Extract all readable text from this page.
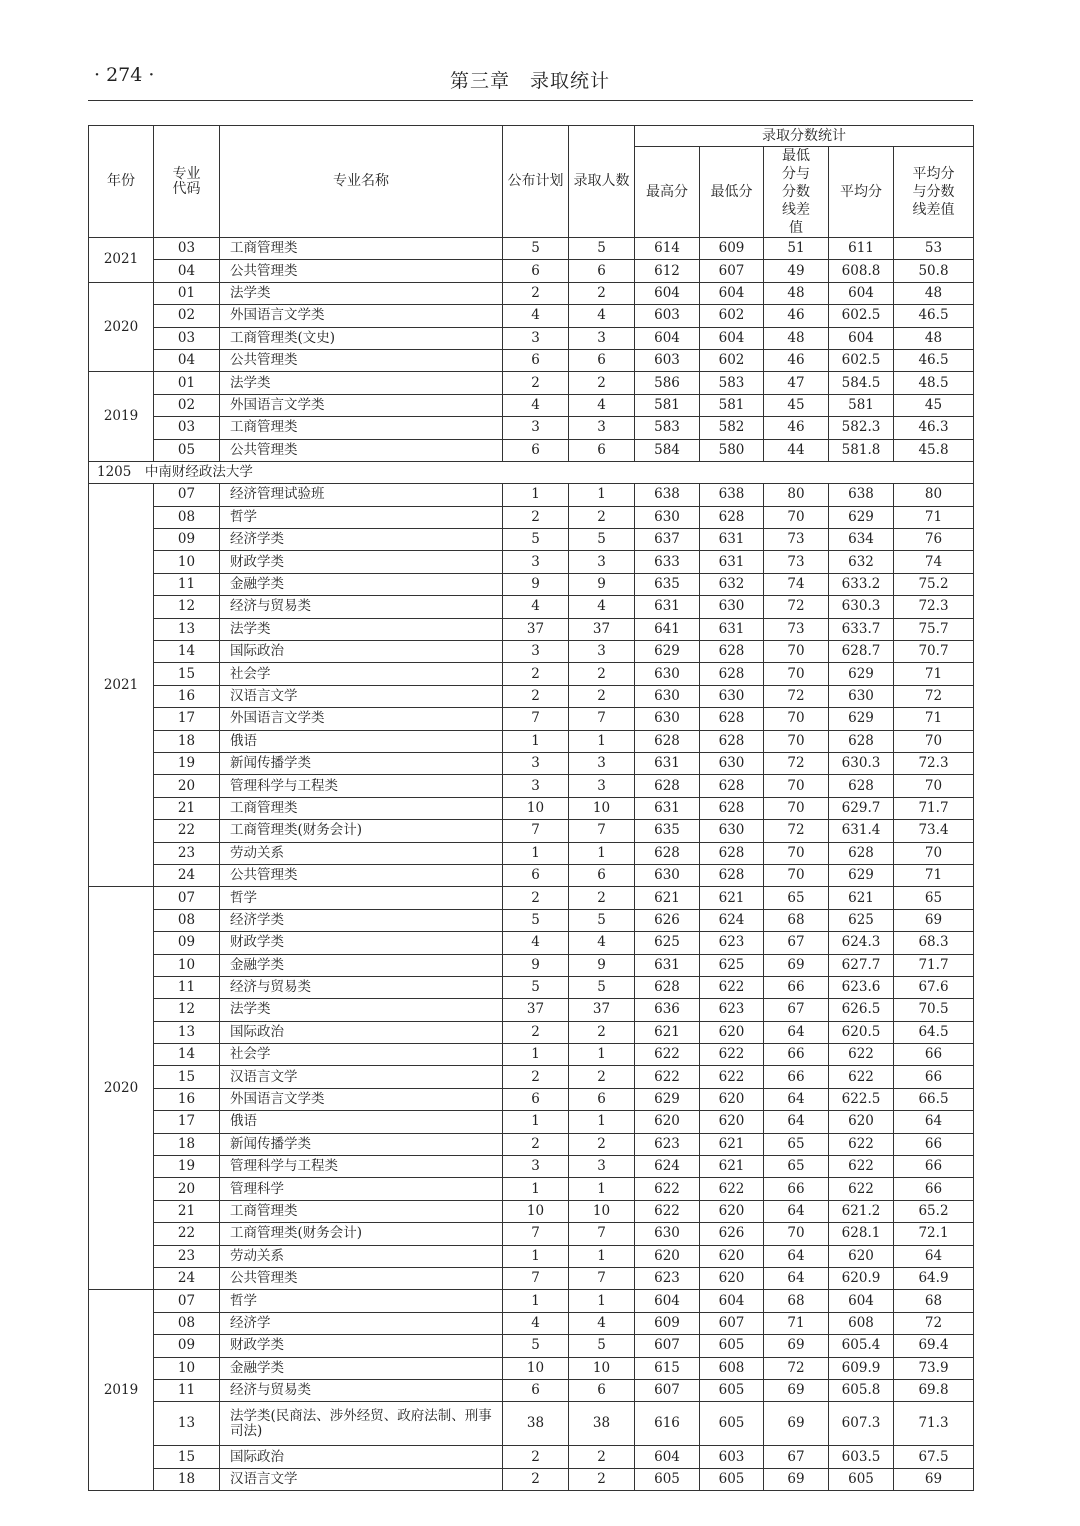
· 274 ·	第三章　录取统计
年份	专业代码	专业名称	公布计划	录取人数	录取分数统计				
					最高分	最低分	最低分与分数线差值	平均分	平均分与分数线差值
2021	03	工商管理类	5	5	614	609	51	611	53
	04	公共管理类	6	6	612	607	49	608.8	50.8
2020	01	法学类	2	2	604	604	48	604	48
	02	外国语言文学类	4	4	603	602	46	602.5	46.5
	03	工商管理类(文史)	3	3	604	604	48	604	48
	04	公共管理类	6	6	603	602	46	602.5	46.5
2019	01	法学类	2	2	586	583	47	584.5	48.5
	02	外国语言文学类	4	4	581	581	45	581	45
	03	工商管理类	3	3	583	582	46	582.3	46.3
	05	公共管理类	6	6	584	580	44	581.8	45.8
1205　中南财经政法大学									
2021	07	经济管理试验班	1	1	638	638	80	638	80
	08	哲学	2	2	630	628	70	629	71
	09	经济学类	5	5	637	631	73	634	76
	10	财政学类	3	3	633	631	73	632	74
	11	金融学类	9	9	635	632	74	633.2	75.2
	12	经济与贸易类	4	4	631	630	72	630.3	72.3
	13	法学类	37	37	641	631	73	633.7	75.7
	14	国际政治	3	3	629	628	70	628.7	70.7
	15	社会学	2	2	630	628	70	629	71
	16	汉语言文学	2	2	630	630	72	630	72
	17	外国语言文学类	7	7	630	628	70	629	71
	18	俄语	1	1	628	628	70	628	70
	19	新闻传播学类	3	3	631	630	72	630.3	72.3
	20	管理科学与工程类	3	3	628	628	70	628	70
	21	工商管理类	10	10	631	628	70	629.7	71.7
	22	工商管理类(财务会计)	7	7	635	630	72	631.4	73.4
	23	劳动关系	1	1	628	628	70	628	70
	24	公共管理类	6	6	630	628	70	629	71
2020	07	哲学	2	2	621	621	65	621	65
	08	经济学类	5	5	626	624	68	625	69
	09	财政学类	4	4	625	623	67	624.3	68.3
	10	金融学类	9	9	631	625	69	627.7	71.7
	11	经济与贸易类	5	5	628	622	66	623.6	67.6
	12	法学类	37	37	636	623	67	626.5	70.5
	13	国际政治	2	2	621	620	64	620.5	64.5
	14	社会学	1	1	622	622	66	622	66
	15	汉语言文学	2	2	622	622	66	622	66
	16	外国语言文学类	6	6	629	620	64	622.5	66.5
	17	俄语	1	1	620	620	64	620	64
	18	新闻传播学类	2	2	623	621	65	622	66
	19	管理科学与工程类	3	3	624	621	65	622	66
	20	管理科学	1	1	622	622	66	622	66
	21	工商管理类	10	10	622	620	64	621.2	65.2
	22	工商管理类(财务会计)	7	7	630	626	70	628.1	72.1
	23	劳动关系	1	1	620	620	64	620	64
	24	公共管理类	7	7	623	620	64	620.9	64.9
2019	07	哲学	1	1	604	604	68	604	68
	08	经济学	4	4	609	607	71	608	72
	09	财政学类	5	5	607	605	69	605.4	69.4
	10	金融学类	10	10	615	608	72	609.9	73.9
	11	经济与贸易类	6	6	607	605	69	605.8	69.8
	13	法学类(民商法、涉外经贸、政府法制、刑事司法)	38	38	616	605	69	607.3	71.3
	15	国际政治	2	2	604	603	67	603.5	67.5
	18	汉语言文学	2	2	605	605	69	605	69
